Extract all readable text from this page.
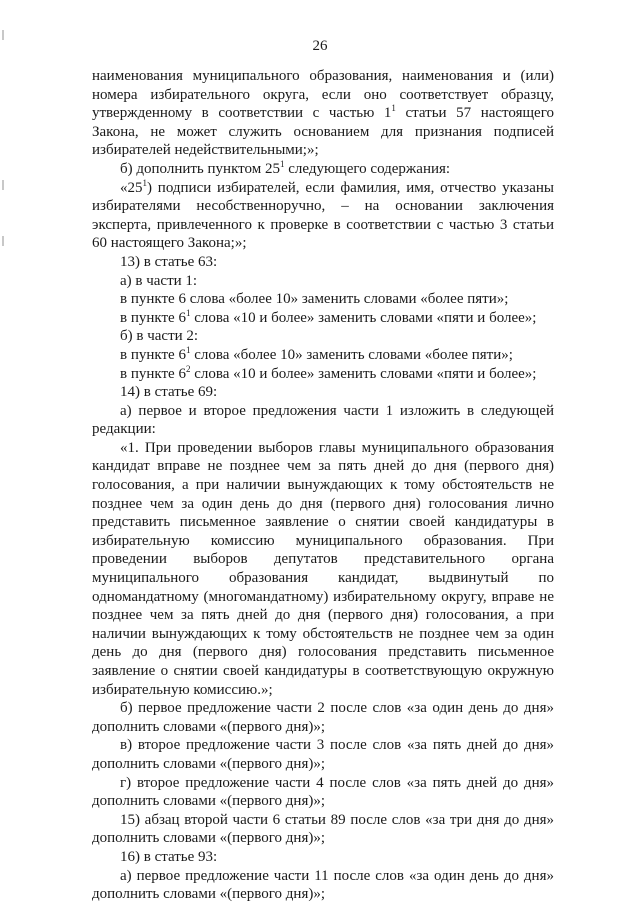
26

наименования муниципального образования, наименования и (или) номера избирательного округа, если оно соответствует образцу, утвержденному в соответствии с частью $1^1$ статьи 57 настоящего Закона, не может служить основанием для признания подписей избирателей недействительными;»;

б) дополнить пунктом $25^1$ следующего содержания:

«$25^1$) подписи избирателей, если фамилия, имя, отчество указаны избирателями несобственноручно, – на основании заключения эксперта, привлеченного к проверке в соответствии с частью 3 статьи 60 настоящего Закона;»;

13) в статье 63:

а) в части 1:

в пункте 6 слова «более 10» заменить словами «более пяти»;

в пункте $6^1$ слова «10 и более» заменить словами «пяти и более»;

б) в части 2:

в пункте $6^1$ слова «более 10» заменить словами «более пяти»;

в пункте $6^2$ слова «10 и более» заменить словами «пяти и более»;

14) в статье 69:

а) первое и второе предложения части 1 изложить в следующей редакции:

«1. При проведении выборов главы муниципального образования кандидат вправе не позднее чем за пять дней до дня (первого дня) голосования, а при наличии вынуждающих к тому обстоятельств не позднее чем за один день до дня (первого дня) голосования лично представить письменное заявление о снятии своей кандидатуры в избирательную комиссию муниципального образования. При проведении выборов депутатов представительного органа муниципального образования кандидат, выдвинутый по одномандатному (многомандатному) избирательному округу, вправе не позднее чем за пять дней до дня (первого дня) голосования, а при наличии вынуждающих к тому обстоятельств не позднее чем за один день до дня (первого дня) голосования представить письменное заявление о снятии своей кандидатуры в соответствующую окружную избирательную комиссию.»;

б) первое предложение части 2 после слов «за один день до дня» дополнить словами «(первого дня)»;

в) второе предложение части 3 после слов «за пять дней до дня» дополнить словами «(первого дня)»;

г) второе предложение части 4 после слов «за пять дней до дня» дополнить словами «(первого дня)»;

15) абзац второй части 6 статьи 89 после слов «за три дня до дня» дополнить словами «(первого дня)»;

16) в статье 93:

а) первое предложение части 11 после слов «за один день до дня» дополнить словами «(первого дня)»;
